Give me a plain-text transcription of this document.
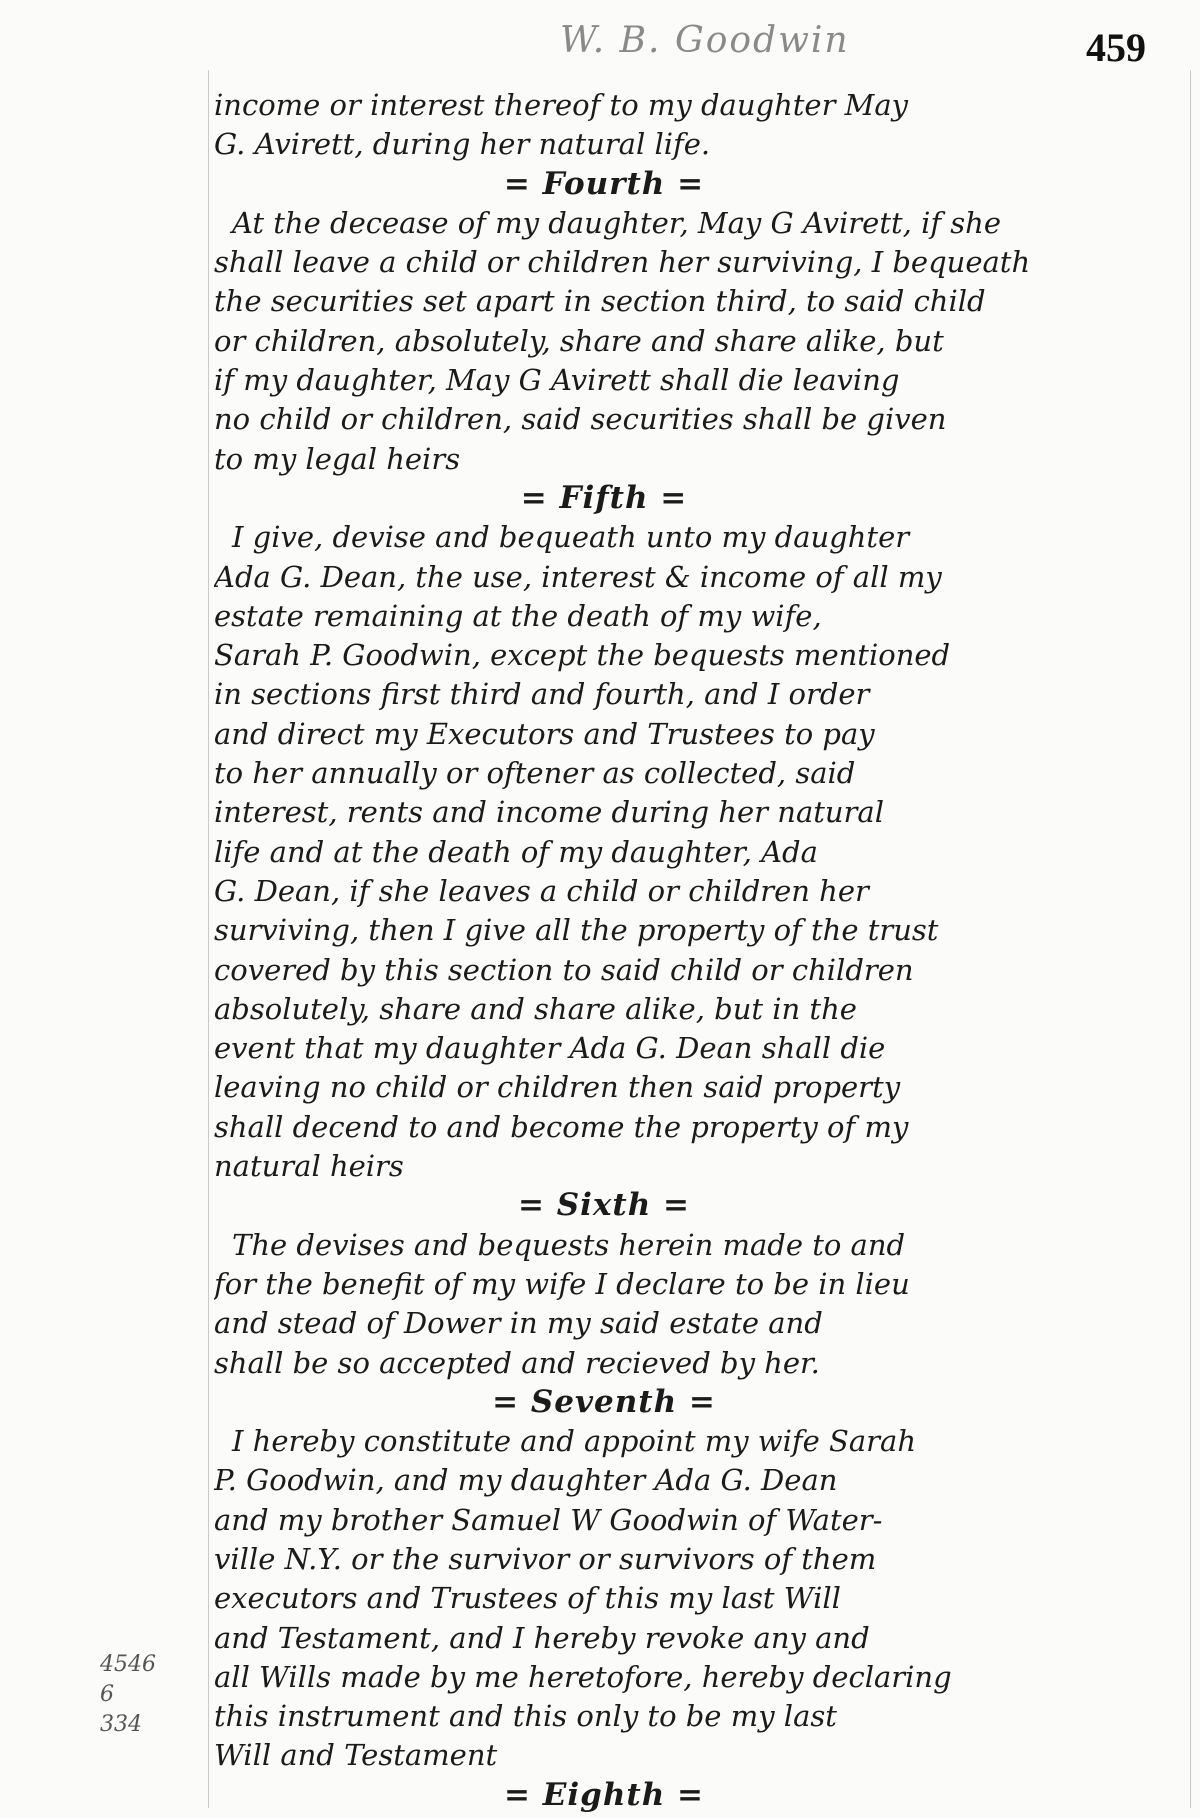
W. B. Goodwin	459
income or interest thereof to my daughter May
G. Avirett, during her natural life.
= Fourth =
At the decease of my daughter, May G Avirett, if she
shall leave a child or children her surviving, I bequeath
the securities set apart in section third, to said child
or children, absolutely, share and share alike, but
if my daughter, May G Avirett shall die leaving
no child or children, said securities shall be given
to my legal heirs
= Fifth =
I give, devise and bequeath unto my daughter
Ada G. Dean, the use, interest & income of all my
estate remaining at the death of my wife,
Sarah P. Goodwin, except the bequests mentioned
in sections first third and fourth, and I order
and direct my Executors and Trustees to pay
to her annually or oftener as collected, said
interest, rents and income during her natural
life and at the death of my daughter, Ada
G. Dean, if she leaves a child or children her
surviving, then I give all the property of the trust
covered by this section to said child or children
absolutely, share and share alike, but in the
event that my daughter Ada G. Dean shall die
leaving no child or children then said property
shall decend to and become the property of my
natural heirs
= Sixth =
The devises and bequests herein made to and
for the benefit of my wife I declare to be in lieu
and stead of Dower in my said estate and
shall be so accepted and recieved by her.
= Seventh =
I hereby constitute and appoint my wife Sarah
P. Goodwin, and my daughter Ada G. Dean
and my brother Samuel W Goodwin of Water-
ville N.Y. or the survivor or survivors of them
executors and Trustees of this my last Will
and Testament, and I hereby revoke any and
all Wills made by me heretofore, hereby declaring
this instrument and this only to be my last
Will and Testament
= Eighth =
4546
6
334
